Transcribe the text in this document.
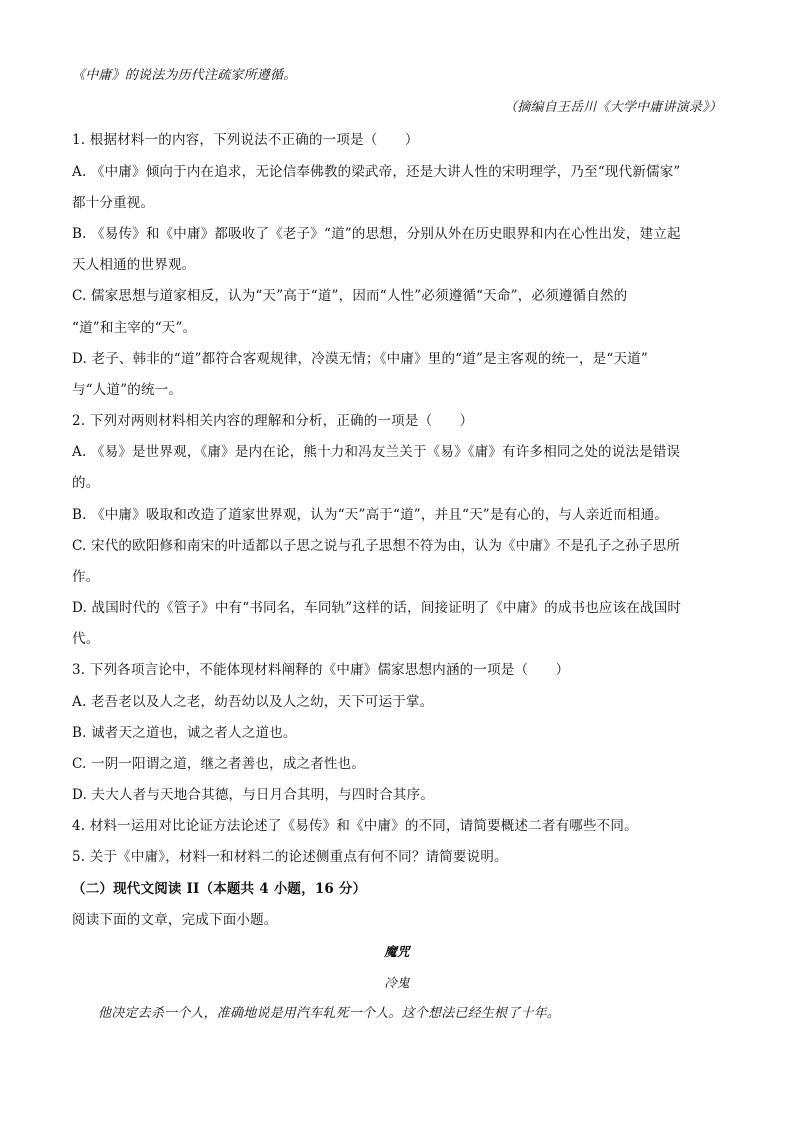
《中庸》的说法为历代注疏家所遵循。
（摘编自王岳川《大学中庸讲演录》）
1. 根据材料一的内容，下列说法不正确的一项是（　　）
A. 《中庸》倾向于内在追求，无论信奉佛教的梁武帝，还是大讲人性的宋明理学，乃至“现代新儒家”
都十分重视。
B. 《易传》和《中庸》都吸收了《老子》“道”的思想，分别从外在历史眼界和内在心性出发，建立起
天人相通的世界观。
C. 儒家思想与道家相反，认为“天”高于“道”，因而“人性”必须遵循“天命”，必须遵循自然的
“道”和主宰的“天”。
D. 老子、韩非的“道”都符合客观规律，冷漠无情；《中庸》里的“道”是主客观的统一，是“天道”
与“人道”的统一。
2. 下列对两则材料相关内容的理解和分析，正确的一项是（　　）
A. 《易》是世界观，《庸》是内在论，熊十力和冯友兰关于《易》《庸》有许多相同之处的说法是错误
的。
B. 《中庸》吸取和改造了道家世界观，认为“天”高于“道”，并且“天”是有心的，与人亲近而相通。
C. 宋代的欧阳修和南宋的叶适都以子思之说与孔子思想不符为由，认为《中庸》不是孔子之孙子思所
作。
D. 战国时代的《管子》中有“书同名，车同轨”这样的话，间接证明了《中庸》的成书也应该在战国时
代。
3. 下列各项言论中，不能体现材料阐释的《中庸》儒家思想内涵的一项是（　　）
A. 老吾老以及人之老，幼吾幼以及人之幼，天下可运于掌。
B. 诚者天之道也，诚之者人之道也。
C. 一阴一阳谓之道，继之者善也，成之者性也。
D. 夫大人者与天地合其德，与日月合其明，与四时合其序。
4. 材料一运用对比论证方法论述了《易传》和《中庸》的不同，请简要概述二者有哪些不同。
5. 关于《中庸》，材料一和材料二的论述侧重点有何不同？请简要说明。
（二）现代文阅读 II（本题共 4 小题，16 分）
阅读下面的文章，完成下面小题。
魔咒
冷鬼
他决定去杀一个人，准确地说是用汽车轧死一个人。这个想法已经生根了十年。
